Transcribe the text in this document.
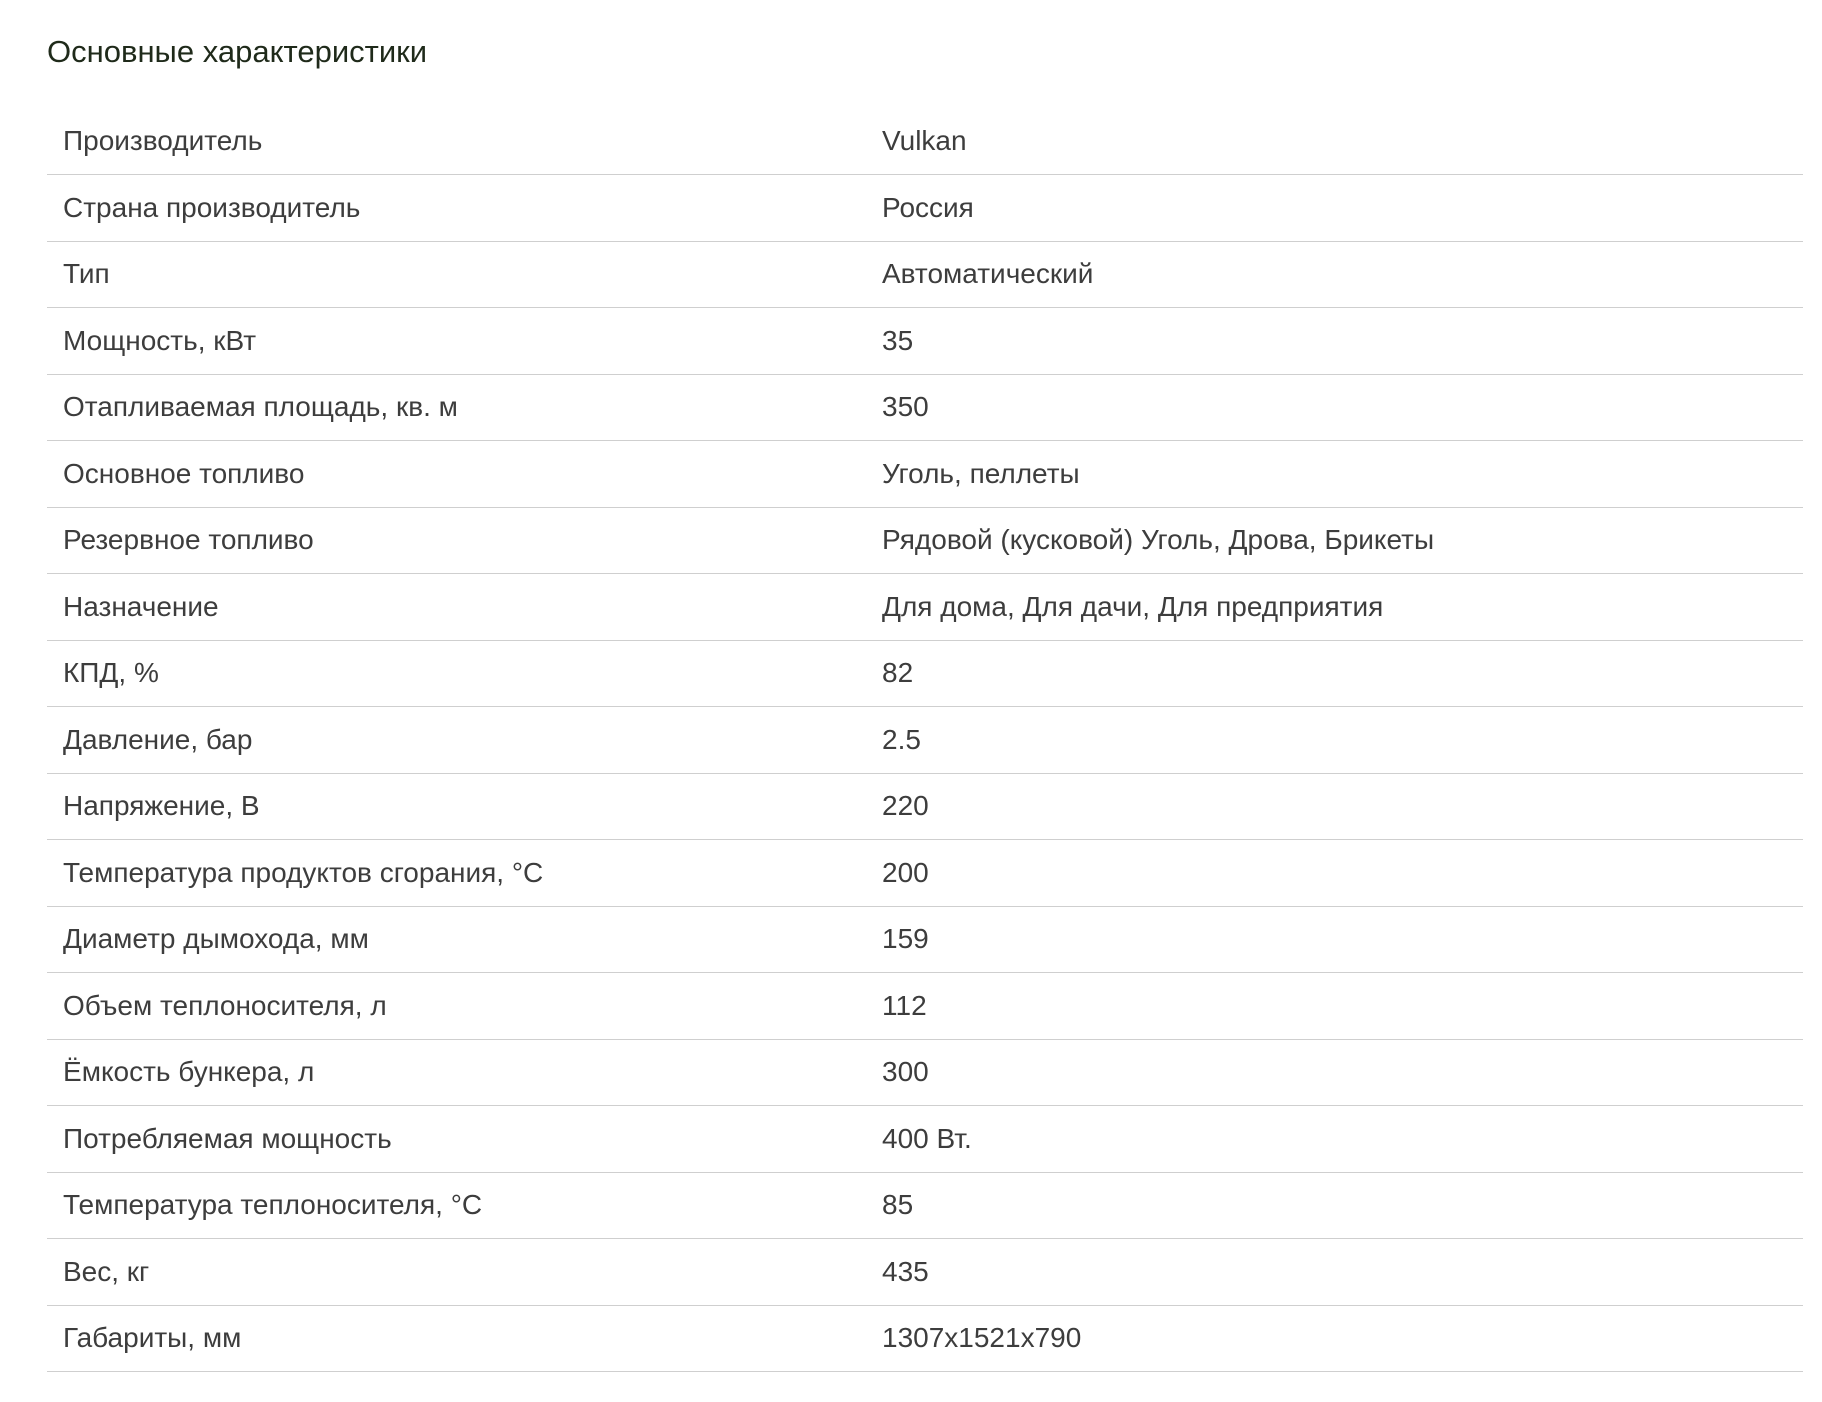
Основные характеристики
Производитель	Vulkan
Страна производитель	Россия
Тип	Автоматический
Мощность, кВт	35
Отапливаемая площадь, кв. м	350
Основное топливо	Уголь, пеллеты
Резервное топливо	Рядовой (кусковой) Уголь, Дрова, Брикеты
Назначение	Для дома, Для дачи, Для предприятия
КПД, %	82
Давление, бар	2.5
Напряжение, В	220
Температура продуктов сгорания, °C	200
Диаметр дымохода, мм	159
Объем теплоносителя, л	112
Ёмкость бункера, л	300
Потребляемая мощность	400 Вт.
Температура теплоносителя, °C	85
Вес, кг	435
Габариты, мм	1307x1521x790
